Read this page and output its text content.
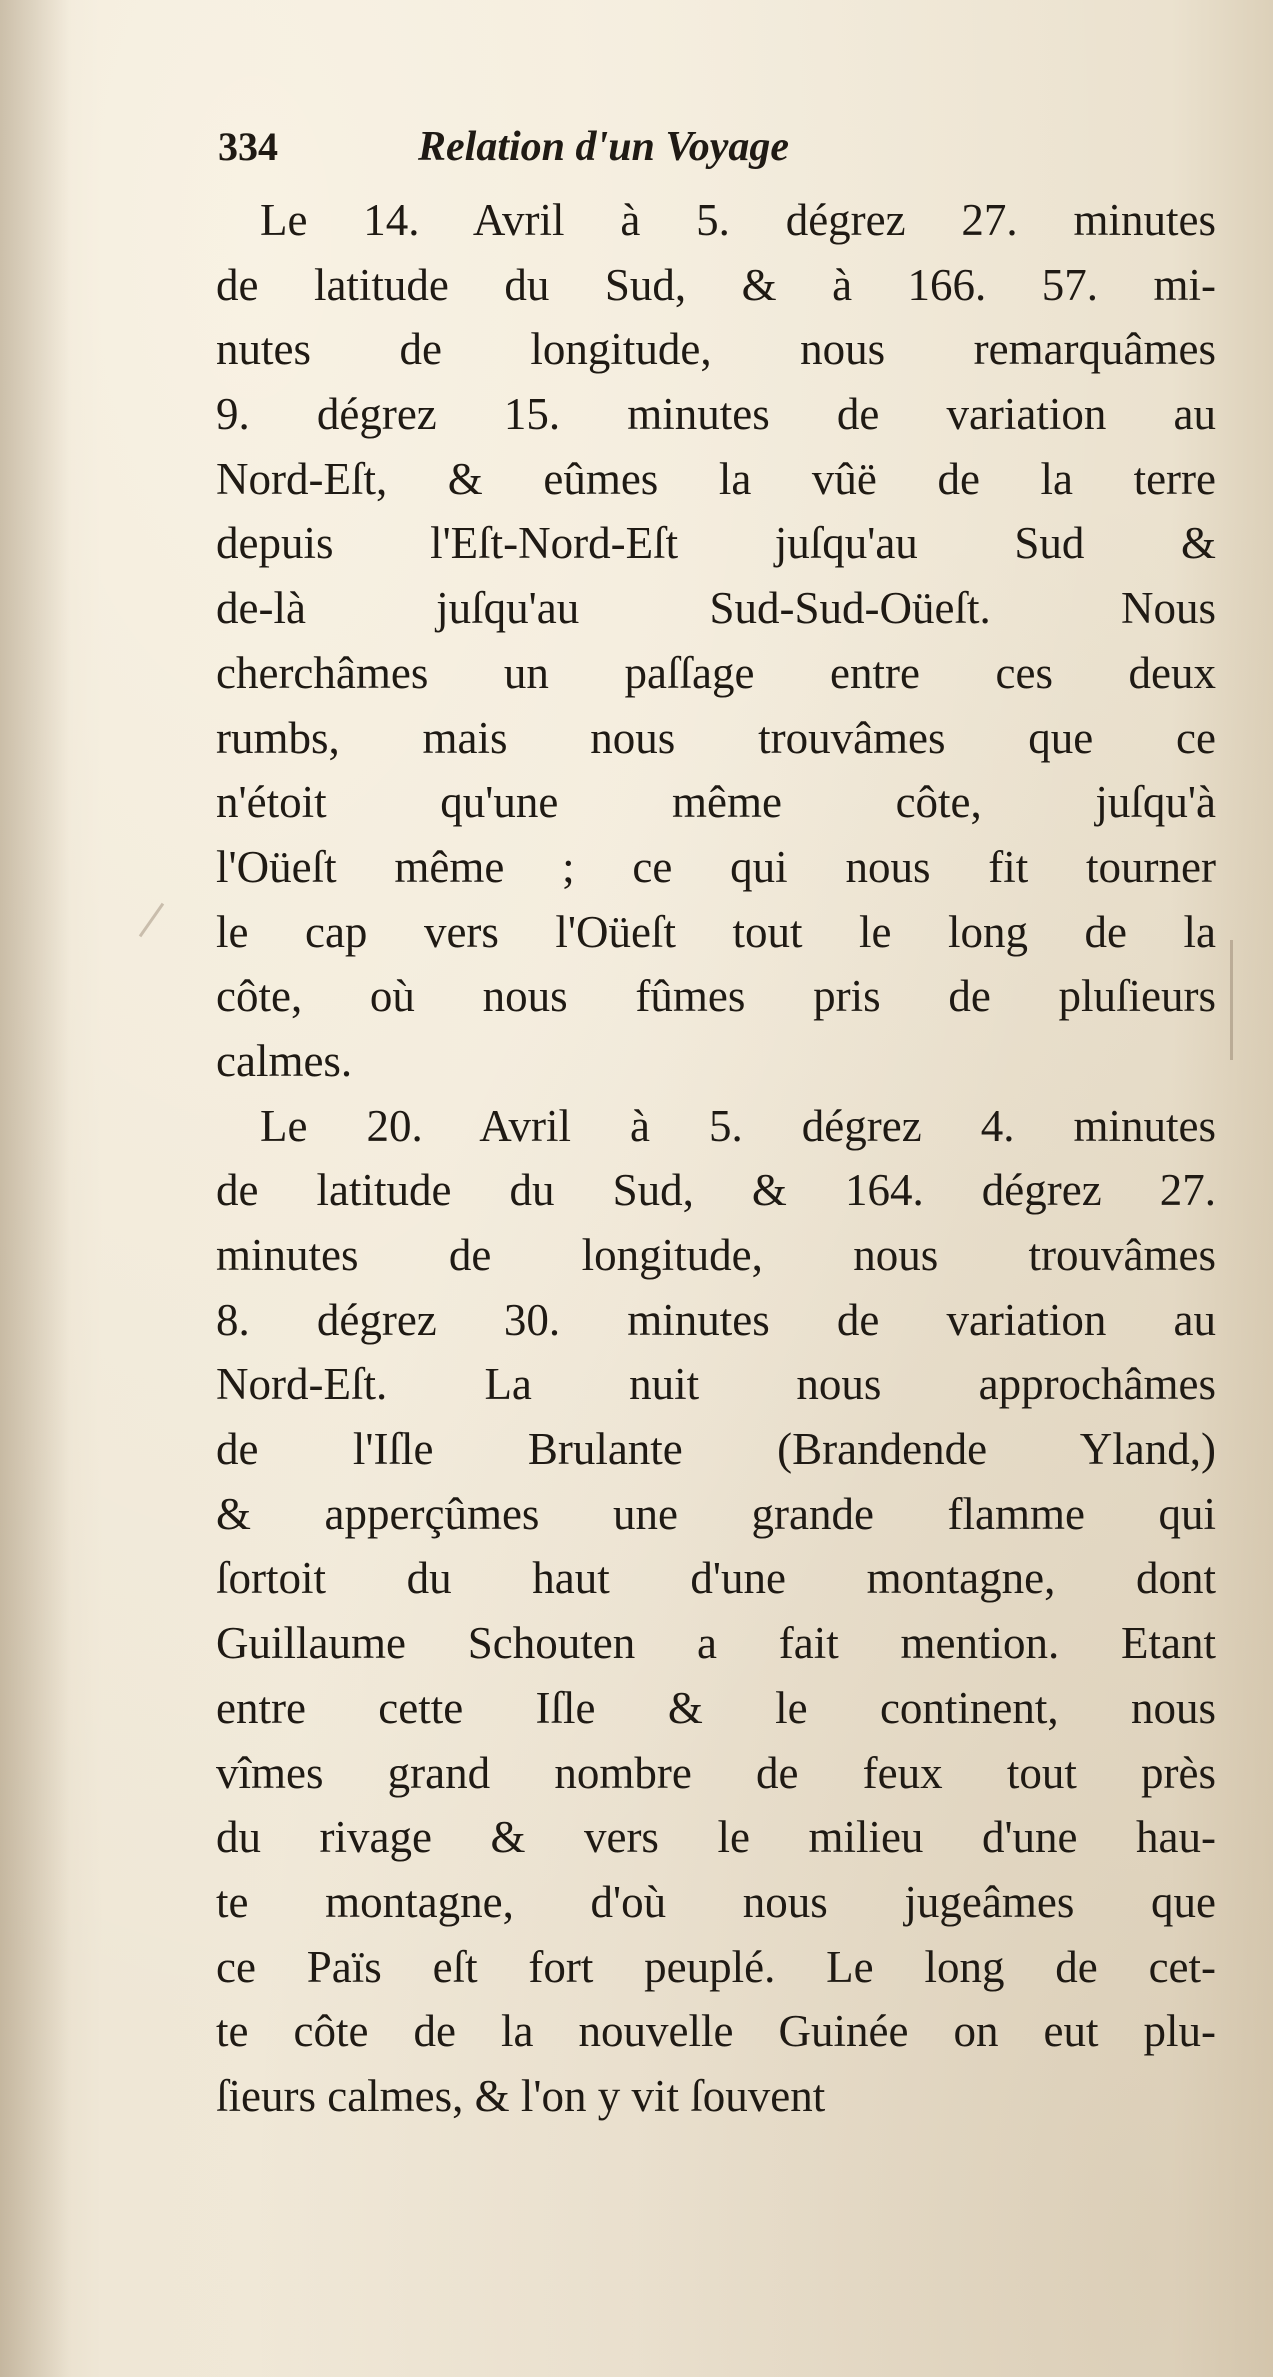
334	Relation d'un Voyage
Le 14. Avril à 5. dégrez 27. minutes
de latitude du Sud, & à 166. 57. mi-
nutes de longitude, nous remarquâmes
9. dégrez 15. minutes de variation au
Nord-Eſt, & eûmes la vûë de la terre
depuis l'Eſt-Nord-Eſt juſqu'au Sud &
de-là juſqu'au Sud-Sud-Oüeſt. Nous
cherchâmes un paſſage entre ces deux
rumbs, mais nous trouvâmes que ce
n'étoit qu'une même côte, juſqu'à
l'Oüeſt même ; ce qui nous fit tourner
le cap vers l'Oüeſt tout le long de la
côte, où nous fûmes pris de pluſieurs
calmes.
Le 20. Avril à 5. dégrez 4. minutes
de latitude du Sud, & 164. dégrez 27.
minutes de longitude, nous trouvâmes
8. dégrez 30. minutes de variation au
Nord-Eſt. La nuit nous approchâmes
de l'Iſle Brulante (Brandende Yland,)
& apperçûmes une grande flamme qui
ſortoit du haut d'une montagne, dont
Guillaume Schouten a fait mention. Etant
entre cette Iſle & le continent, nous
vîmes grand nombre de feux tout près
du rivage & vers le milieu d'une hau-
te montagne, d'où nous jugeâmes que
ce Païs eſt fort peuplé. Le long de cet-
te côte de la nouvelle Guinée on eut plu-
ſieurs calmes, & l'on y vit ſouvent
